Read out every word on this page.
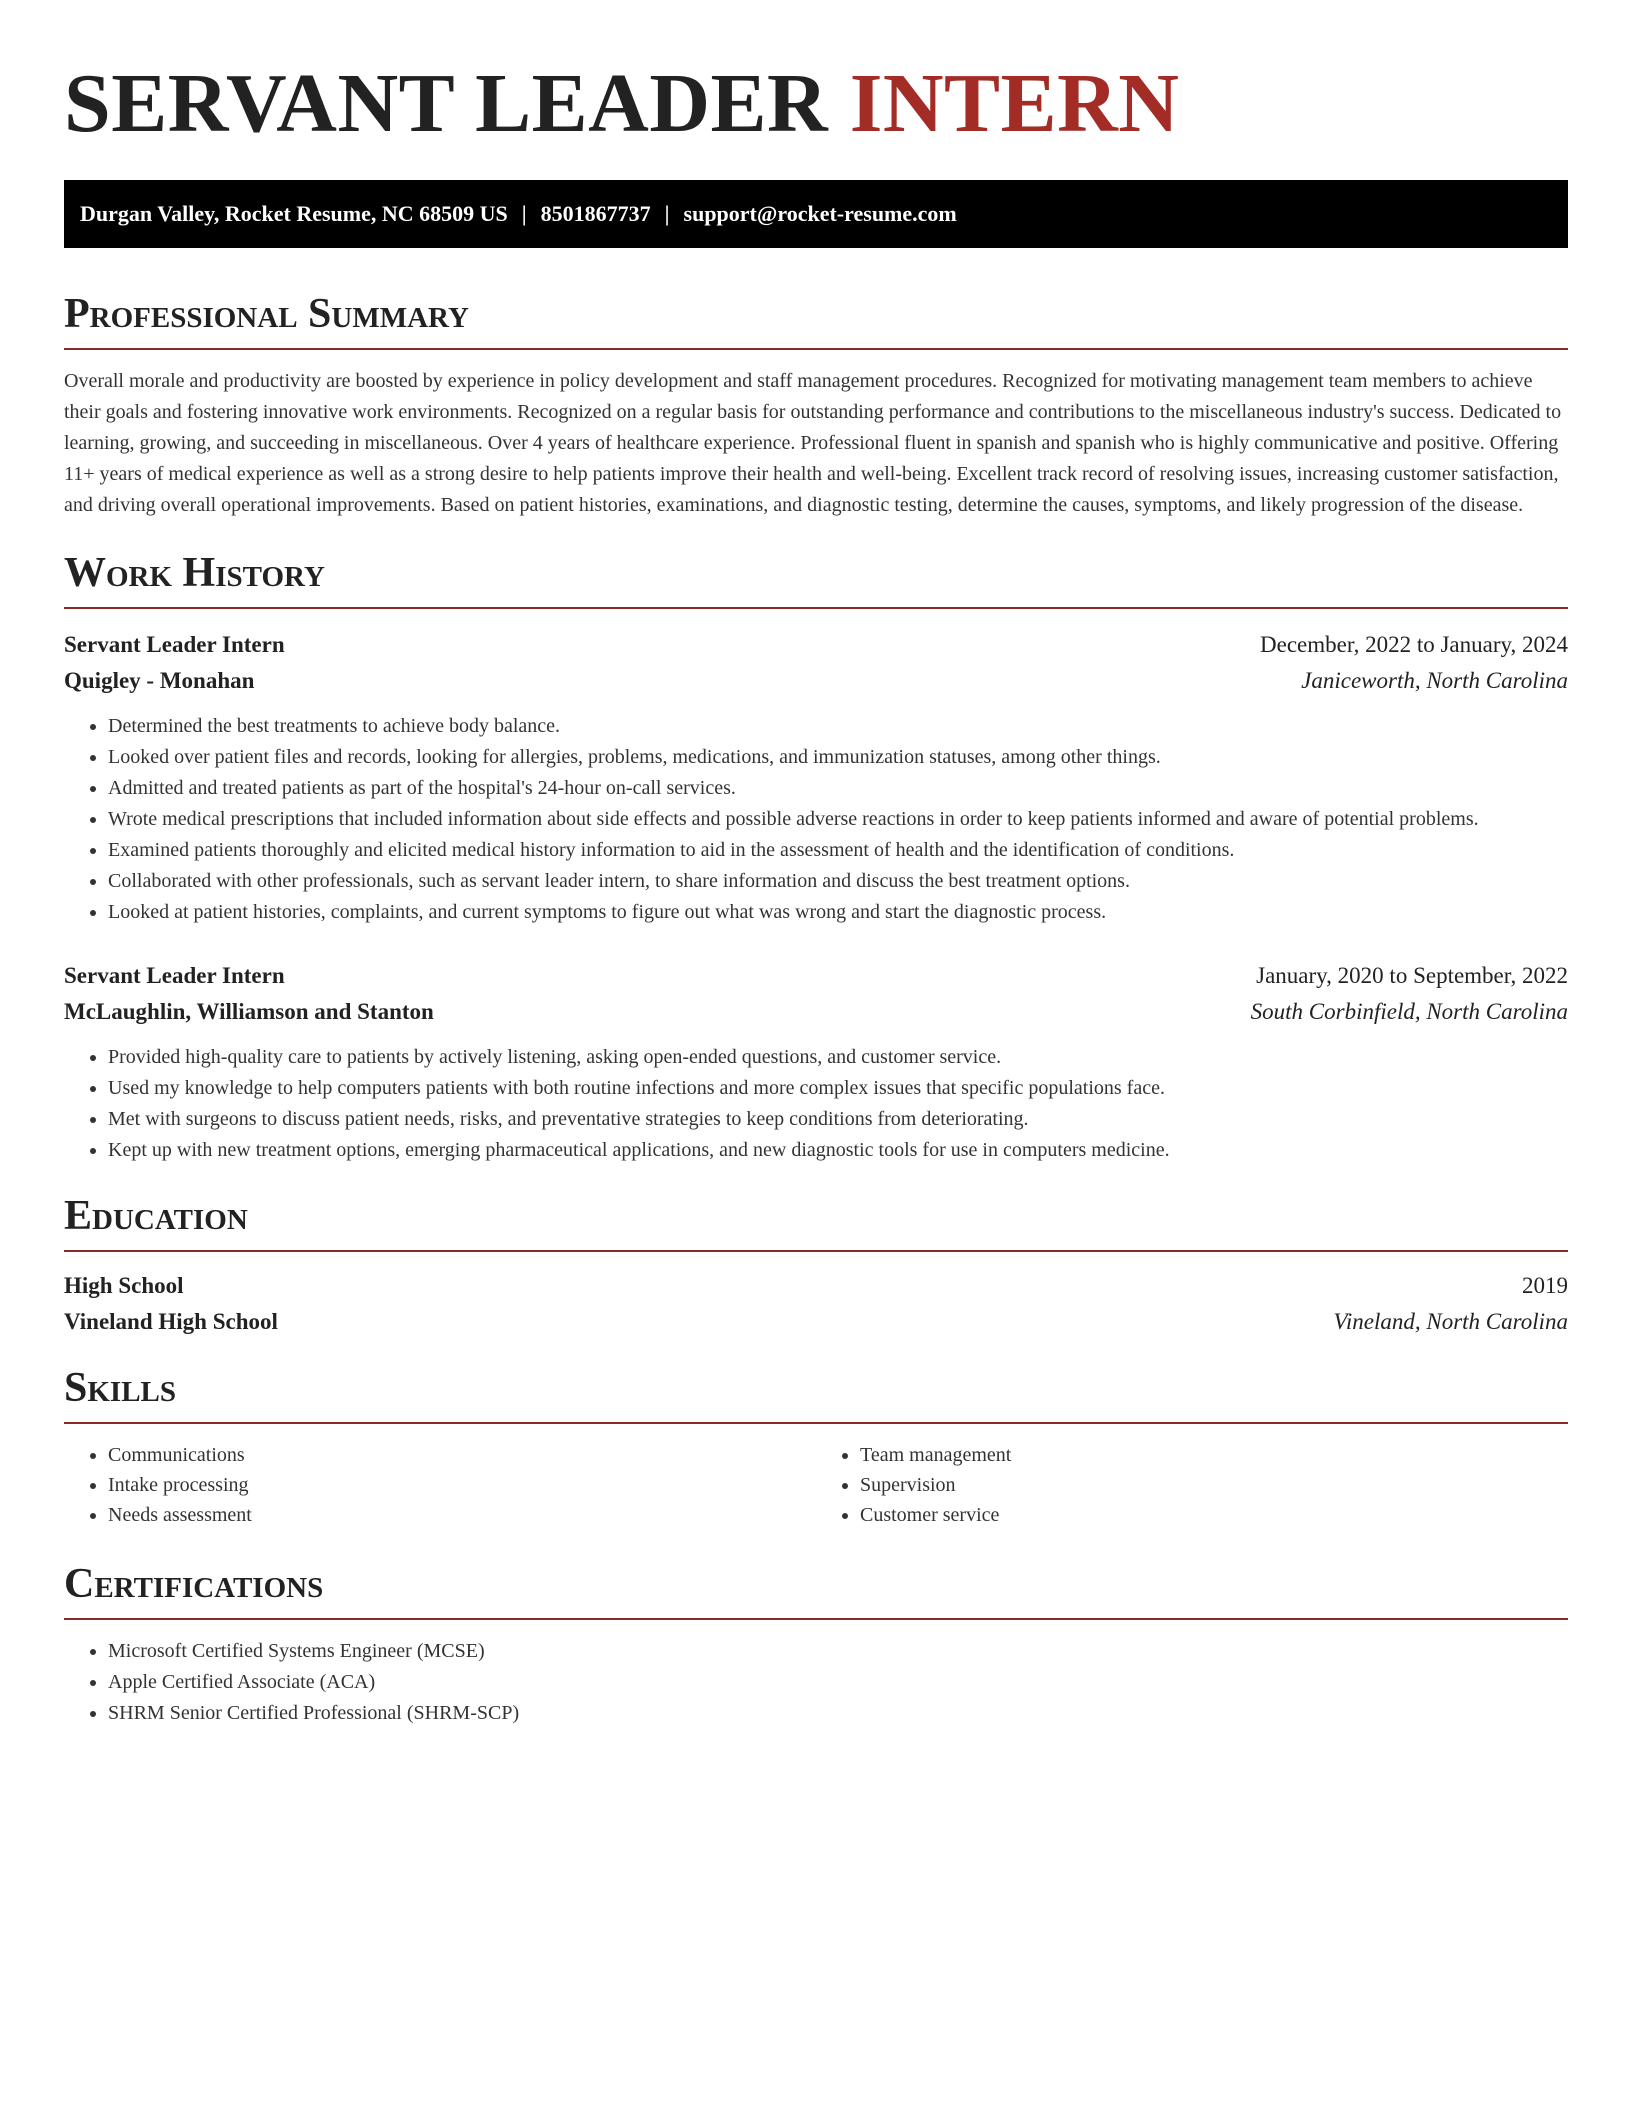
SERVANT LEADER INTERN
Durgan Valley, Rocket Resume, NC 68509 US | 8501867737 | support@rocket-resume.com
Professional Summary

Overall morale and productivity are boosted by experience in policy development and staff management procedures. Recognized for motivating management team members to achieve their goals and fostering innovative work environments. Recognized on a regular basis for outstanding performance and contributions to the miscellaneous industry's success. Dedicated to learning, growing, and succeeding in miscellaneous. Over 4 years of healthcare experience. Professional fluent in spanish and spanish who is highly communicative and positive. Offering 11+ years of medical experience as well as a strong desire to help patients improve their health and well-being. Excellent track record of resolving issues, increasing customer satisfaction, and driving overall operational improvements. Based on patient histories, examinations, and diagnostic testing, determine the causes, symptoms, and likely progression of the disease.

Work History
Servant Leader Intern	December, 2022 to January, 2024
Quigley - Monahan	Janiceworth, North Carolina
• Determined the best treatments to achieve body balance.
• Looked over patient files and records, looking for allergies, problems, medications, and immunization statuses, among other things.
• Admitted and treated patients as part of the hospital's 24-hour on-call services.
• Wrote medical prescriptions that included information about side effects and possible adverse reactions in order to keep patients informed and aware of potential problems.
• Examined patients thoroughly and elicited medical history information to aid in the assessment of health and the identification of conditions.
• Collaborated with other professionals, such as servant leader intern, to share information and discuss the best treatment options.
• Looked at patient histories, complaints, and current symptoms to figure out what was wrong and start the diagnostic process.
Servant Leader Intern	January, 2020 to September, 2022
McLaughlin, Williamson and Stanton	South Corbinfield, North Carolina
• Provided high-quality care to patients by actively listening, asking open-ended questions, and customer service.
• Used my knowledge to help computers patients with both routine infections and more complex issues that specific populations face.
• Met with surgeons to discuss patient needs, risks, and preventative strategies to keep conditions from deteriorating.
• Kept up with new treatment options, emerging pharmaceutical applications, and new diagnostic tools for use in computers medicine.
Education
High School	2019
Vineland High School	Vineland, North Carolina
Skills
• Communications
• Intake processing
• Needs assessment
• Team management
• Supervision
• Customer service
Certifications
• Microsoft Certified Systems Engineer (MCSE)
• Apple Certified Associate (ACA)
• SHRM Senior Certified Professional (SHRM-SCP)
